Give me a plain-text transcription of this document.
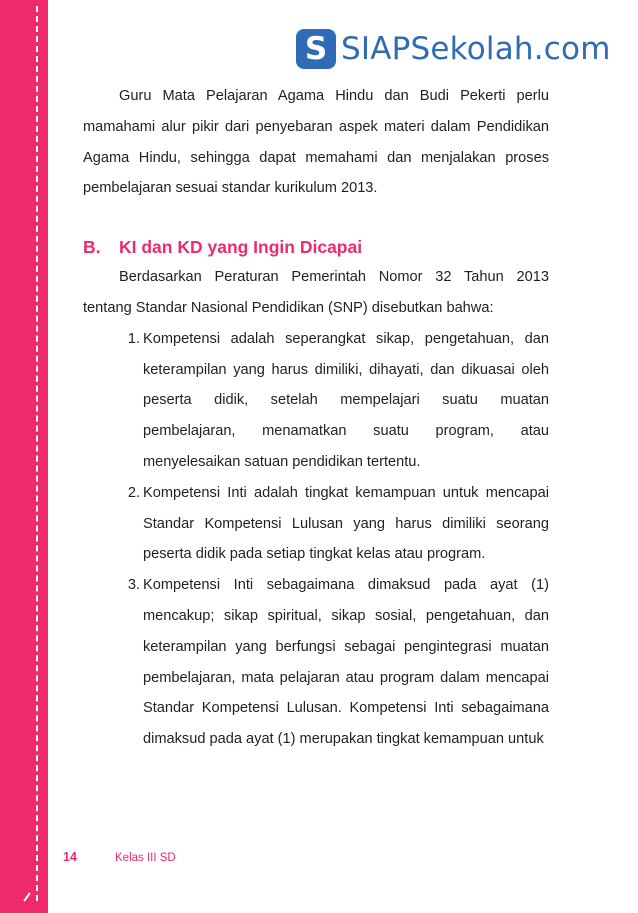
S SIAPSekolah.com

Guru Mata Pelajaran Agama Hindu dan Budi Pekerti perlu mamahami alur pikir dari penyebaran aspek materi dalam Pendidikan Agama Hindu, sehingga dapat memahami dan menjalakan proses pembelajaran sesuai standar kurikulum 2013.

B.	KI dan KD yang Ingin Dicapai

Berdasarkan Peraturan Pemerintah Nomor 32 Tahun 2013 tentang Standar Nasional Pendidikan (SNP) disebutkan bahwa:

1. Kompetensi adalah seperangkat sikap, pengetahuan, dan keterampilan yang harus dimiliki, dihayati, dan dikuasai oleh peserta didik, setelah mempelajari suatu muatan pembelajaran, menamatkan suatu program, atau menyelesaikan satuan pendidikan tertentu.
2. Kompetensi Inti adalah tingkat kemampuan untuk mencapai Standar Kompetensi Lulusan yang harus dimiliki seorang peserta didik pada setiap tingkat kelas atau program.
3. Kompetensi Inti sebagaimana dimaksud pada ayat (1) mencakup; sikap spiritual, sikap sosial, pengetahuan, dan keterampilan yang berfungsi sebagai pengintegrasi muatan pembelajaran, mata pelajaran atau program dalam mencapai Standar Kompetensi Lulusan. Kompetensi Inti sebagaimana dimaksud pada ayat (1) merupakan tingkat kemampuan untuk
14	Kelas III SD
